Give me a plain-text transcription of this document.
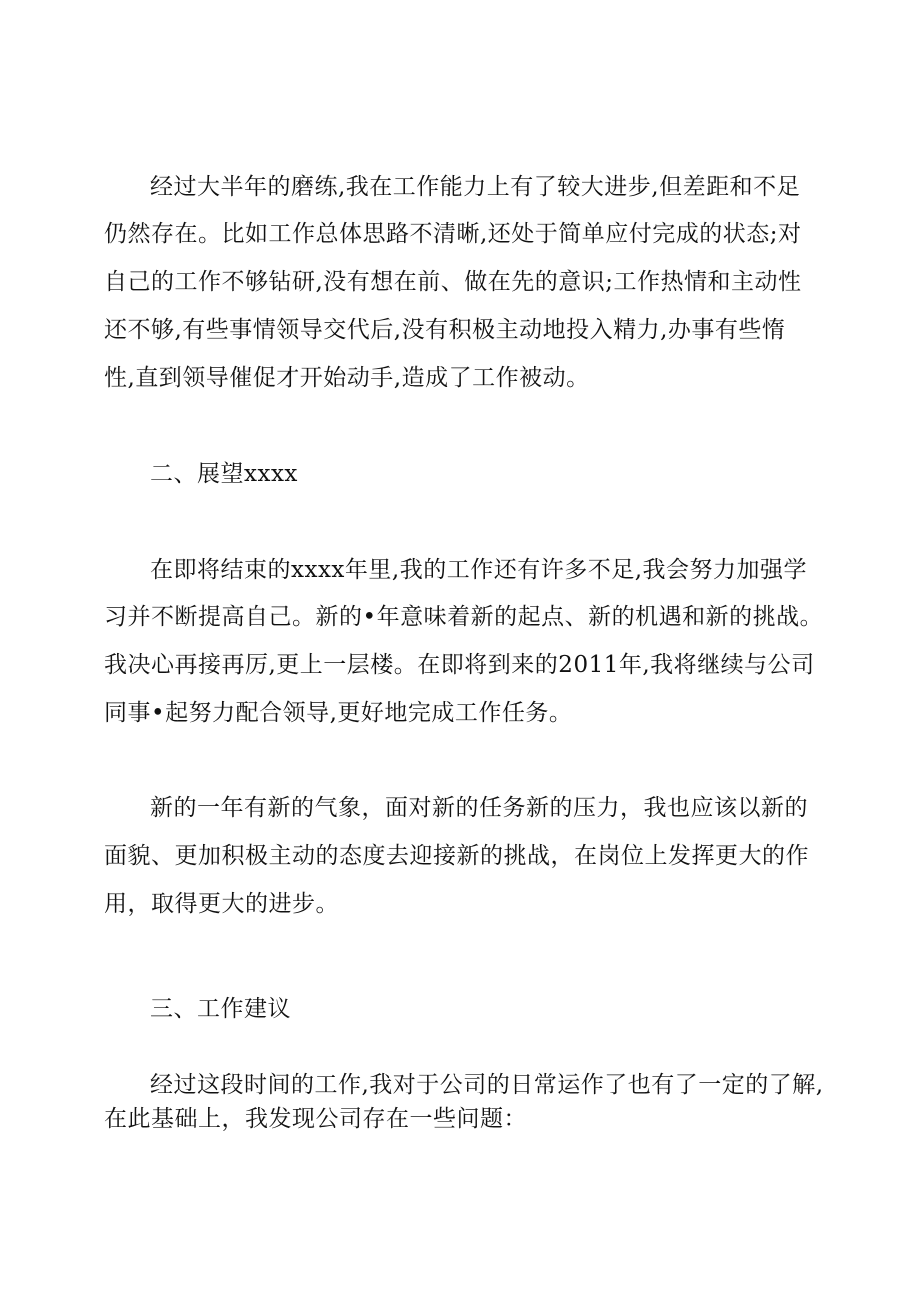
经过大半年的磨练,我在工作能力上有了较大进步,但差距和不足
仍然存在。比如工作总体思路不清晰,还处于简单应付完成的状态;对
自己的工作不够钻研,没有想在前、做在先的意识;工作热情和主动性
还不够,有些事情领导交代后,没有积极主动地投入精力,办事有些惰
性,直到领导催促才开始动手,造成了工作被动。
二、展望xxxx
在即将结束的xxxx年里,我的工作还有许多不足,我会努力加强学
习并不断提高自己。新的•年意味着新的起点、新的机遇和新的挑战。
我决心再接再厉,更上一层楼。在即将到来的2011年,我将继续与公司
同事•起努力配合领导,更好地完成工作任务。
新的一年有新的气象，面对新的任务新的压力，我也应该以新的
面貌、更加积极主动的态度去迎接新的挑战，在岗位上发挥更大的作
用，取得更大的进步。
三、工作建议
经过这段时间的工作,我对于公司的日常运作了也有了一定的了解,
在此基础上，我发现公司存在一些问题：
